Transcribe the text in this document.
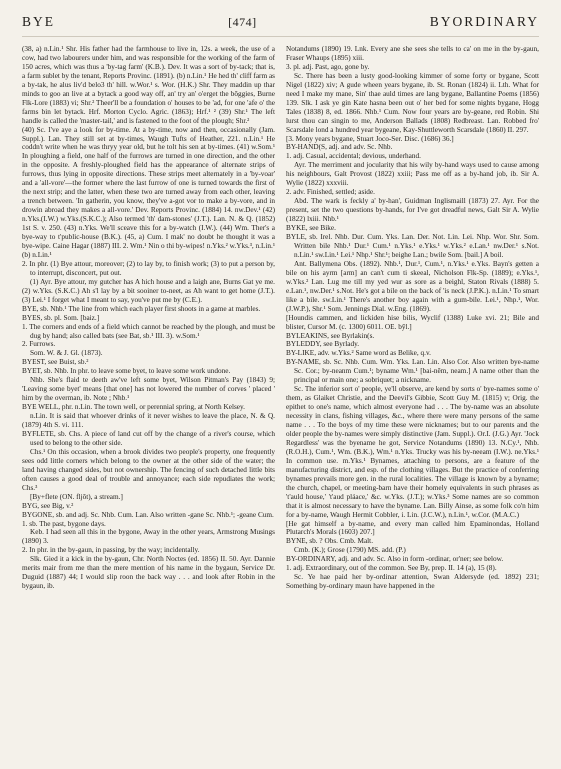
BYE	[474]	BYORDINARY

(38, a) n.Lin.¹ Shr. His father had the farmhouse to live in, 12s. a week, the use of a cow, had two labourers under him, and was responsible for the working of the farm of 150 acres, which was thus a 'by-tag farm' (K.B.). Dev. It was a sort of by-tack; that is, a farm sublet by the tenant, Reports Provinc. (1891). (b) n.Lin.¹ He hed th' cliff farm as a by-tak, he alus liv'd belo3 th' hill. w.Wor.¹ s. Wor. (H.K.) Shr. They maddin up thar minds to goo an live at a bytack a good way off, an' try an' o'erget the bōggies, Burne Flk-Lore (1883) vi; Shr.² Theer'll be a foundation o' houses to be 'ad, for one 'afe o' the farms bin let bytack. Hrf. Morton Cyclo. Agric. (1863); Hrf.¹ ² (39) Shr.¹ The left handle is called the 'master-tail,' and is fastened to the foot of the plough; Shr.²

(40) Sc. I've aye a look for by-time. At a by-time, now and then, occasionally (Jam. Suppl.). Lan. They still set at by-times, Waugh Tufts of Heather, 221. n.Lin.¹ He coddn't write when he was thryy year old, but he tolt his sen at by-times. (41) w.Som.¹ In ploughing a field, one half of the furrows are turned in one direction, and the other in the opposite. A freshly-ploughed field has the appearance of alternate strips of furrows, thus lying in opposite directions. These strips meet alternately in a 'by-voar' and a 'all-vore'—the former where the last furrow of one is turned towards the first of the next strip; and the latter, when these two are turned away from each other, leaving a trench between. 'In gatherin, you know, they've a-got vor to make a by-vore, and in drowin abroad they makes a all-vore.' Dev. Reports Provinc. (1884) 14. nw.Dev.¹ (42) n.Yks.(I.W.) w.Yks.(S.K.C.); Also termed 'th' dam-stones' (J.T.). Lan. N. & Q. (1852) 1st S. v. 250. (43) n.Yks. We'll sceave this for a by-watch (I.W.). (44) Wm. Ther's a bye-way to t'public-house (B.K.). (45, a) Cum. I mak' no doubt he thought it was a bye-wipe. Caine Hagar (1887) III. 2. Wm.¹ Nin o thi by-wipes! n.Yks.² w.Yks.³, n.Lin.¹ (b) n.Lin.¹

2. In phr. (1) Bye attour, moreover; (2) to lay by, to finish work; (3) to put a person by, to interrupt, disconcert, put out.

(1) Ayr. Bye attour, my gutcher has A hich house and a laigh ane, Burns Gat ye me. (2) w.Yks. (S.K.C.) Ah s'l lay by a bit sooiner to-neet, as Ah want to get home (J.T.). (3) Lei.¹ I forget what I meant to say, you've put me by (C.E.).

BYE, sb. Nhb.¹ The line from which each player first shoots in a game at marbles.

BYES, sb. pl. Som. [baiz.]

1. The corners and ends of a field which cannot be reached by the plough, and must be dug by hand; also called bats (see Bat, sb.¹ III. 3). w.Som.¹

2. Furrows.

Som. W. & J. Gl. (1873).

BYEST, see Buist, sb.²

BYET, sb. Nhb. In phr. to leave some byet, to leave some work undone.

Nhb. She's flaid te deeth aw've left some byet, Wilson Pitman's Pay (1843) 9; 'Leaving some byet' means [that one] has not lowered the number of corves ' placed ' him by the overman, ib. Note ; Nhb.¹

BYE WELL, phr. n.Lin. The town well, or perennial spring, at North Kelsey.

n.Lin. It is said that whoever drinks of it never wishes to leave the place, N. & Q. (1879) 4th S. vi. 111.

BYFLETE, sb. Chs. A piece of land cut off by the change of a river's course, which used to belong to the other side.

Chs.¹ On this occasion, when a brook divides two people's property, one frequently sees odd little corners which belong to the owner at the other side of the water; the land having changed sides, but not ownership. The fencing of such detached little bits often causes a good deal of trouble and annoyance; each side repudiates the work; Chs.³

[By+flete (ON. fljōt), a stream.]

BYG, see Big, v.²

BYGONE, sb. and adj. Sc. Nhb. Cum. Lan. Also written -gane Sc. Nhb.¹; -geane Cum.

1. sb. The past, bygone days.

Keb. I had seen all this in the bygone, Away in the other years, Armstrong Musings (1890) 3.

2. In phr. in the by-gaun, in passing, by the way; incidentally.

Slk. Gied it a kick in the by-gaun, Chr. North Noctes (ed. 1856) II. 50. Ayr. Dannie merits mair from me than the mere mention of his name in the bygaun, Service Dr. Duguid (1887) 44; I would slip roon the back way . . . and look after Robin in the bygaun, ib.

Notandums (1890) 19. Lnk. Every ane she sees she tells to ca' on me in the by-gaun, Fraser Whaups (1895) xiii.

3. pl. adj. Past, ago, gone by.

Sc. There has been a lusty good-looking kimmer of some forty or bygane, Scott Nigel (1822) xiv; A gude wheen years bygane, ib. St. Ronan (1824) ii. Lth. What for need I make my mane, Sin' thae auld times are lang bygane, Ballantine Poems (1856) 139. Slk. I ask ye gin Kate hasna been out o' her bed for some nights bygane, Hogg Tales (1838) 8, ed. 1866. Nhb.¹ Cum. Now four years are by-geane, red Robin. Shi lurst thou can singin to me, Anderson Ballads (1808) Redbreast. Lan. Robbed fro' Scarsdale lond a hundred year bygeane, Kay-Shuttleworth Scarsdale (1860) II. 297.

[3. Mony years bygane, Stuart Joco-Ser. Disc. (1686) 36.]

BY-HAND(S, adj. and adv. Sc. Nhb.

1. adj. Casual, accidental; devious, underhand.

Ayr. The merriment and jocularity that his wily by-hand ways used to cause among his neighbours, Galt Provost (1822) xxiii; Pass me off as a by-hand job, ib. Sir A. Wylie (1822) xxxviii.

2. adv. Finished, settled; aside.

Abd. The wark is feckly a' by-han', Guidman Inglismaill (1873) 27. Ayr. For the present, set the two questions by-hands, for I've got dreadful news, Galt Sir A. Wylie (1822) lxiii. Nhb.¹

BYKE, see Bike.

BYLE, sb. Irel. Nhb. Dur. Cum. Yks. Lan. Der. Not. Lin. Lei. Nhp. Wor. Shr. Som. Written bile Nhb.¹ Dur.¹ Cum.¹ n.Yks.¹ e.Yks.¹ w.Yks.² e.Lan.¹ nw.Der.¹ s.Not. n.Lin.¹ sw.Lin.¹ Lei.¹ Nhp.¹ Shr.¹; beighe Lan.; bwile Som. [bail.] A boil.

Ant. Ballymena Obs. (1892). Nhb.¹, Dur.¹, Cum.¹, n.Yks.¹ e.Yks. Bayn's getten a bile on his ayrm [arm] an can't cum ti skeeal, Nicholson Flk-Sp. (1889); e.Yks.¹, w.Yks.² Lan. Lug me till my yed wur as sore as a beighl, Staton Rivals (1888) 5. e.Lan.¹, nw.Der.¹ s.Not. He's got a bile on the back of 'is neck (J.P.K.). n.Lin.¹ To smart like a bile. sw.Lin.¹ There's another boy again with a gum-bile. Lei.¹, Nhp.¹, Wor. (J.W.P.), Shr.¹ Som. Jennings Dial. w.Eng. (1869).

[Houndis cammen, and lickiden hise bilis, Wyclif (1388) Luke xvi. 21; Bile and blister, Cursor M. (c. 1300) 6011. OE. bȳl.]

BYLEAKINS, see Byrlakin(s.

BYLEDDY, see Byrlady.

BY-LIKE, adv. w.Yks.² Same word as Belike, q.v.

BY-NAME, sb. Sc. Nhb. Cum. Wm. Yks. Lan. Lin. Also Cor. Also written bye-name Sc. Cor.; by-neanm Cum.¹; byname Wm.¹ [bai-nēm, neam.] A name other than the principal or main one; a sobriquet; a nickname.

Sc. The inferior sort o' people, ye'll observe, are kend by sorts o' bye-names some o' them, as Glaiket Christie, and the Deevil's Gibbie, Scott Guy M. (1815) v; Orig. the epithet to one's name, which almost everyone had . . . The by-name was an absolute necessity in clans, fishing villages, &c., where there were many persons of the same name . . . To the boys of my time these were nicknames; but to our parents and the older people the by-names were simply distinctive (Jam. Suppl.). Or.I. (J.G.) Ayr. 'Jock Regardless' was the byename he got, Service Notandums (1890) 13. N.Cy.¹, Nhb. (R.O.H.), Cum.¹, Wm. (B.K.), Wm.¹ n.Yks. Trucky was his by-neeam (I.W.). ne.Yks.¹ In common use. m.Yks.¹ Bynames, attaching to persons, are a feature of the manufacturing district, and esp. of the clothing villages. But the practice of conferring bynames prevails more gen. in the rural localities. The village is known by a byname; the church, chapel, or meeting-barn have their homely equivalents in such phrases as 't'auld house,' 't'aud pláace,' &c. w.Yks. (J.T.); w.Yks.³ Some names are so common that it is almost necessary to have the byname. Lan. Billy Ainse, as some folk co'n him for a by-name, Waugh Hermit Cobbler, i. Lin. (J.C.W.), n.Lin.¹, w.Cor. (M.A.C.)

[He gat himself a by-name, and every man called him Epaminondas, Holland Plutarch's Morals (1603) 207.]

BYNE, sb. ? Obs. Cmb. Malt.

Cmb. (K.); Grose (1790) MS. add. (P.)

BY-ORDINARY, adj. and adv. Sc. Also in form -ordinar, or'ner; see below.

1. adj. Extraordinary, out of the common. See By, prep. II. 14 (a), 15 (8).

Sc. Ye hae paid her by-ordinar attention, Swan Aldersyde (ed. 1892) 231; Something by-ordinary maun have happened in the
